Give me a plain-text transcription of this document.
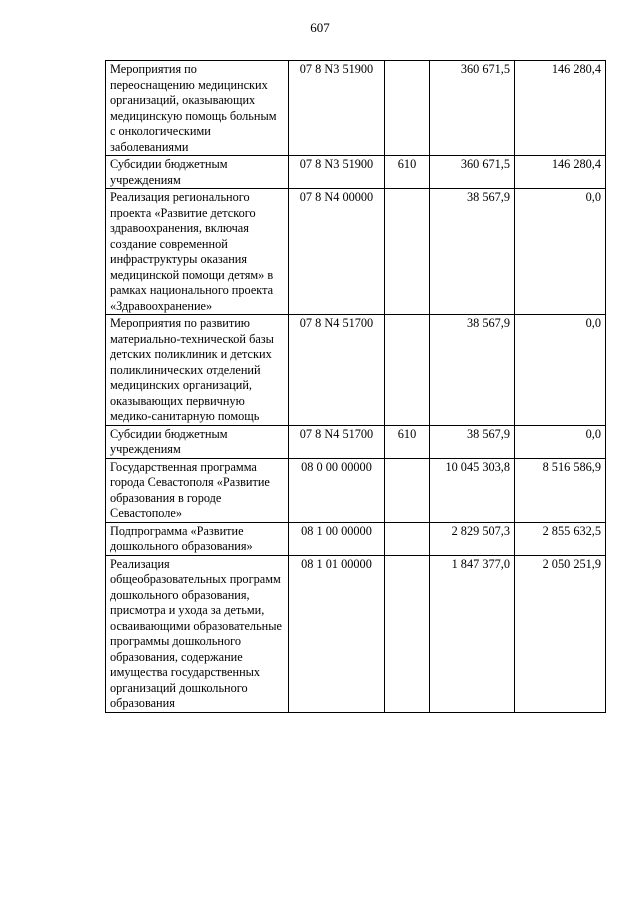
607
Мероприятия по переоснащению медицинских организаций, оказывающих медицинскую помощь больным с онкологическими заболеваниями	07 8 N3 51900		360 671,5	146 280,4
Субсидии бюджетным учреждениям	07 8 N3 51900	610	360 671,5	146 280,4
Реализация регионального проекта «Развитие детского здравоохранения, включая создание современной инфраструктуры оказания медицинской помощи детям» в рамках национального проекта «Здравоохранение»	07 8 N4 00000		38 567,9	0,0
Мероприятия по развитию материально-технической базы детских поликлиник и детских поликлинических отделений медицинских организаций, оказывающих первичную медико-санитарную помощь	07 8 N4 51700		38 567,9	0,0
Субсидии бюджетным учреждениям	07 8 N4 51700	610	38 567,9	0,0
Государственная программа города Севастополя «Развитие образования в городе Севастополе»	08 0 00 00000		10 045 303,8	8 516 586,9
Подпрограмма «Развитие дошкольного образования»	08 1 00 00000		2 829 507,3	2 855 632,5
Реализация общеобразовательных программ дошкольного образования, присмотра и ухода за детьми, осваивающими образовательные программы дошкольного образования, содержание имущества государственных организаций дошкольного образования	08 1 01 00000		1 847 377,0	2 050 251,9
